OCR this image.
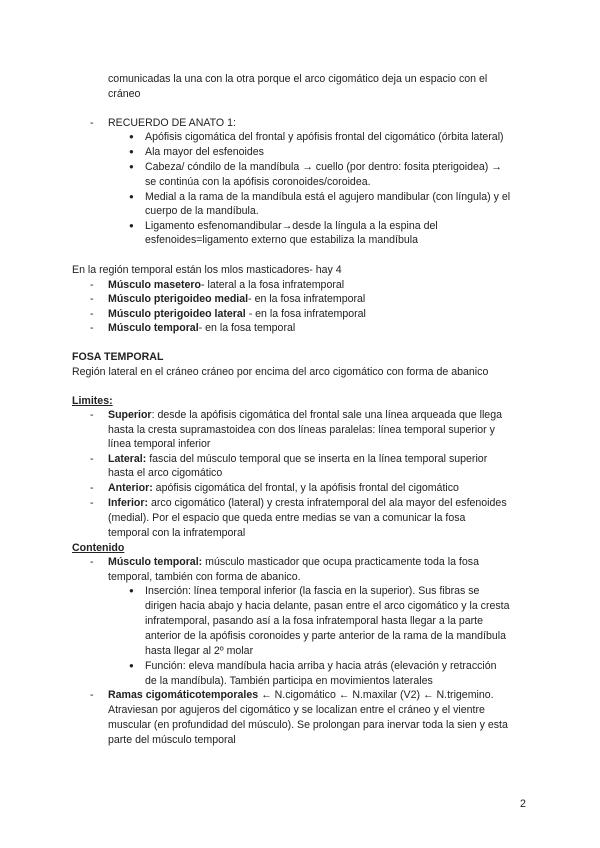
comunicadas la una con la otra porque el arco cigomático deja un espacio con el
cráneo
-	RECUERDO DE ANATO 1:
● Apófisis cigomática del frontal y apófisis frontal del cigomático (órbita lateral)
● Ala mayor del esfenoides
● Cabeza/ cóndilo de la mandíbula → cuello (por dentro: fosita pterigoidea) →
se continúa con la apófisis coronoides/coroidea.
● Medial a la rama de la mandíbula está el agujero mandibular (con língula) y el
cuerpo de la mandíbula.
● Ligamento esfenomandibular→desde la língula a la espina del
esfenoides=ligamento externo que estabiliza la mandíbula
En la región temporal están los mlos masticadores- hay 4
-	Músculo masetero- lateral a la fosa infratemporal
-	Músculo pterigoideo medial- en la fosa infratemporal
-	Músculo pterigoideo lateral - en la fosa infratemporal
-	Músculo temporal- en la fosa temporal
FOSA TEMPORAL
Región lateral en el cráneo cráneo por encima del arco cigomático con forma de abanico
Limites:
-	Superior: desde la apófisis cigomática del frontal sale una línea arqueada que llega
hasta la cresta supramastoidea con dos líneas paralelas: línea temporal superior y
línea temporal inferior
-	Lateral: fascia del músculo temporal que se inserta en la línea temporal superior
hasta el arco cigomático
-	Anterior: apófisis cigomática del frontal, y la apófisis frontal del cigomático
-	Inferior: arco cigomático (lateral) y cresta infratemporal del ala mayor del esfenoides
(medial). Por el espacio que queda entre medias se van a comunicar la fosa
temporal con la infratemporal
Contenido
-	Músculo temporal: músculo masticador que ocupa practicamente toda la fosa
temporal, también con forma de abanico.
● Inserción: línea temporal inferior (la fascia en la superior). Sus fibras se
dirigen hacia abajo y hacia delante, pasan entre el arco cigomático y la cresta
infratemporal, pasando así a la fosa infratemporal hasta llegar a la parte
anterior de la apófisis coronoides y parte anterior de la rama de la mandíbula
hasta llegar al 2º molar
● Función: eleva mandíbula hacia arriba y hacia atrás (elevación y retracción
de la mandíbula). También participa en movimientos laterales
-	Ramas cigomáticotemporales ← N.cigomático ← N.maxilar (V2) ← N.trigemino.
Atraviesan por agujeros del cigomático y se localizan entre el cráneo y el vientre
muscular (en profundidad del músculo). Se prolongan para inervar toda la sien y esta
parte del músculo temporal
2
